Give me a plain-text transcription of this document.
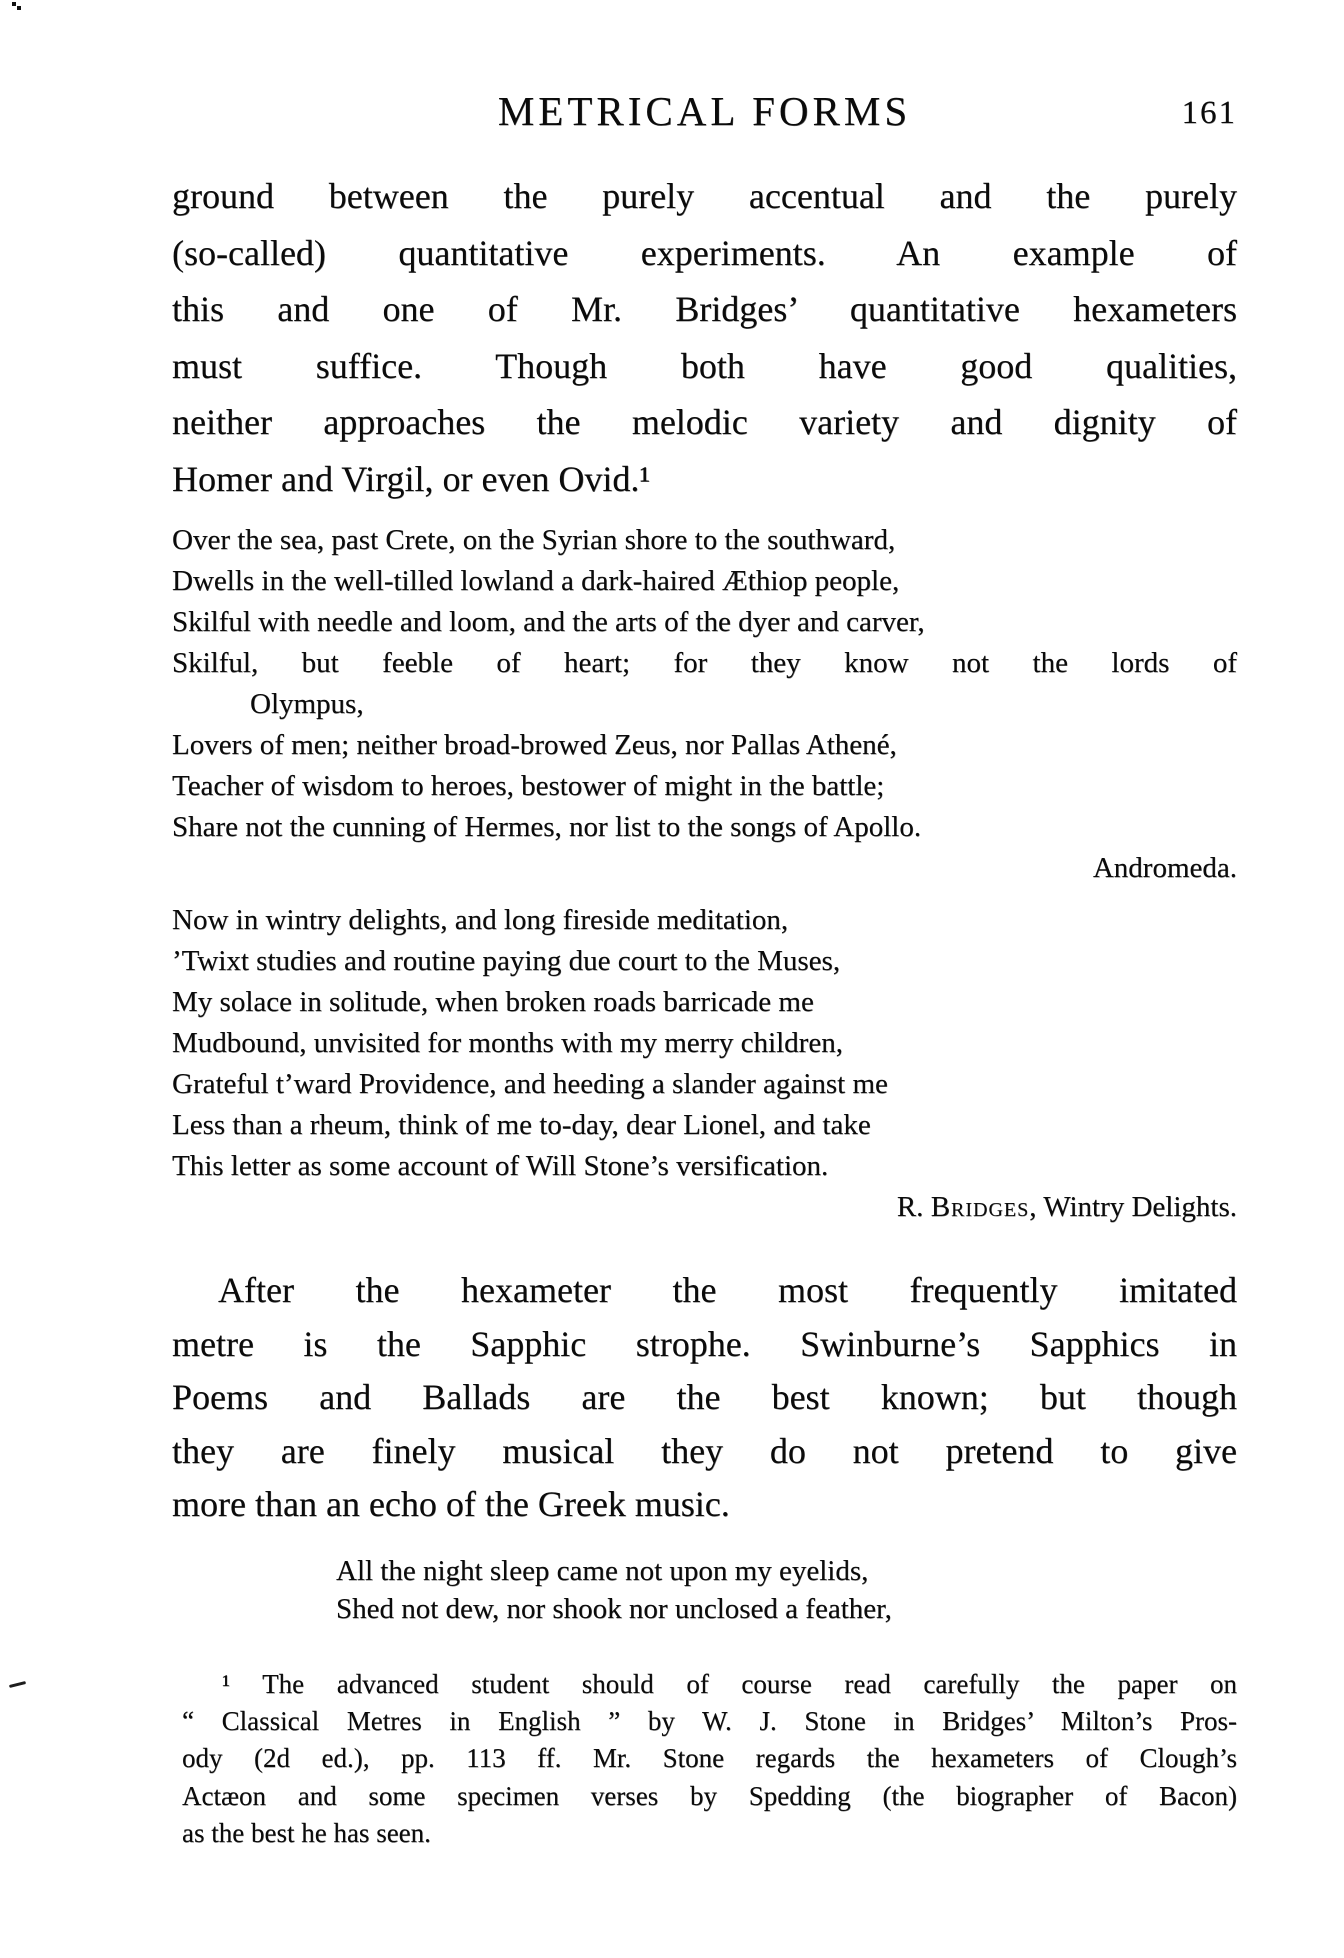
METRICAL FORMS	161
ground between the purely accentual and the purely
(so-called) quantitative experiments. An example of
this and one of Mr. Bridges’ quantitative hexameters
must suffice. Though both have good qualities,
neither approaches the melodic variety and dignity of
Homer and Virgil, or even Ovid.¹
Over the sea, past Crete, on the Syrian shore to the southward,
Dwells in the well-tilled lowland a dark-haired Æthiop people,
Skilful with needle and loom, and the arts of the dyer and carver,
Skilful, but feeble of heart; for they know not the lords of
Olympus,
Lovers of men; neither broad-browed Zeus, nor Pallas Athené,
Teacher of wisdom to heroes, bestower of might in the battle;
Share not the cunning of Hermes, nor list to the songs of Apollo.
Andromeda.
Now in wintry delights, and long fireside meditation,
’Twixt studies and routine paying due court to the Muses,
My solace in solitude, when broken roads barricade me
Mudbound, unvisited for months with my merry children,
Grateful t’ward Providence, and heeding a slander against me
Less than a rheum, think of me to-day, dear Lionel, and take
This letter as some account of Will Stone’s versification.
R. Bridges, Wintry Delights.
After the hexameter the most frequently imitated
metre is the Sapphic strophe. Swinburne’s Sapphics in
Poems and Ballads are the best known; but though
they are finely musical they do not pretend to give
more than an echo of the Greek music.
All the night sleep came not upon my eyelids,
Shed not dew, nor shook nor unclosed a feather,
¹ The advanced student should of course read carefully the paper on
“ Classical Metres in English ” by W. J. Stone in Bridges’ Milton’s Pros-
ody (2d ed.), pp. 113 ff. Mr. Stone regards the hexameters of Clough’s
Actæon and some specimen verses by Spedding (the biographer of Bacon)
as the best he has seen.
